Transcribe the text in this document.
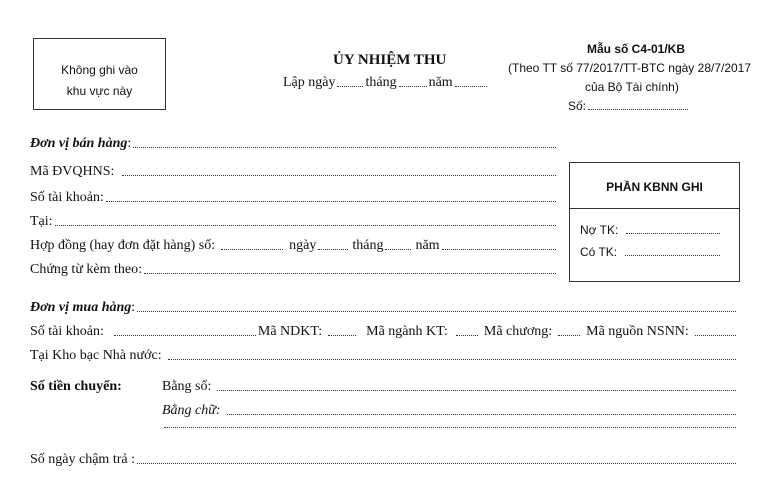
Không ghi vào
khu vực này
ỦY NHIỆM THU
Lập ngày tháng năm
Mẫu số C4-01/KB
(Theo TT số 77/2017/TT-BTC ngày 28/7/2017
của Bộ Tài chính)
Số:
PHẦN KBNN GHI
Nợ TK:
Có TK:
Đơn vị bán hàng :
Mã ĐVQHNS:
Số tài khoản:
Tại:
Hợp đồng (hay đơn đặt hàng) số:	ngày	tháng năm
Chứng từ kèm theo:
Đơn vị mua hàng :
Số tài khoản:	Mã NDKT:	Mã ngành KT:	Mã chương: Mã nguồn NSNN:
Tại Kho bạc Nhà nước:
Số tiền chuyển:	Bằng số:
Bằng chữ:
Số ngày chậm trả :
